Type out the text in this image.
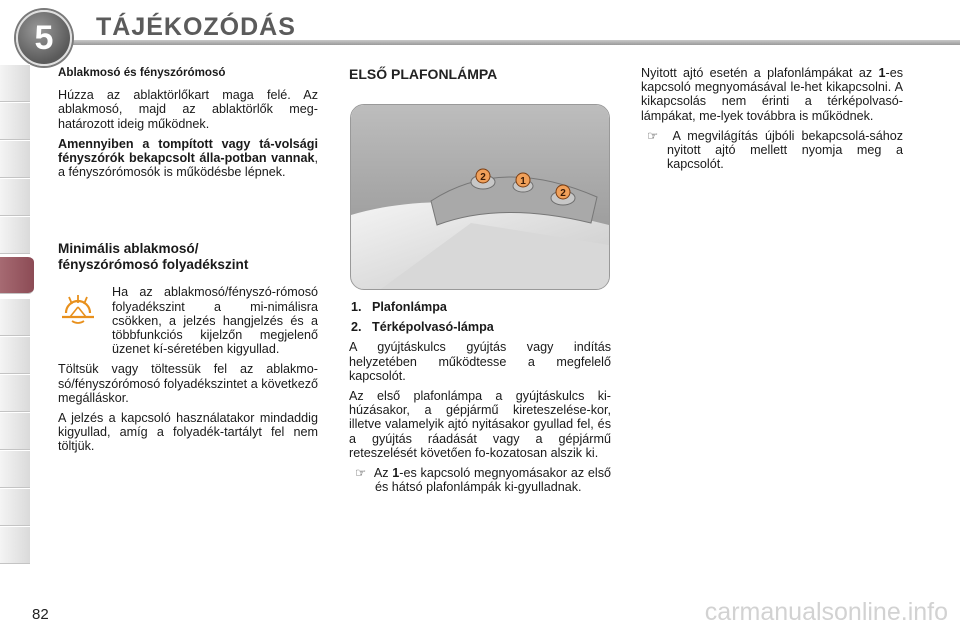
5	TÁJÉKOZÓDÁS
Ablakmosó és fényszórómosó

Húzza az ablaktörlőkart maga felé. Az ablakmosó, majd az ablaktörlők meg-határozott ideig működnek.

Amennyiben a tompított vagy tá-volsági fényszórók bekapcsolt álla-potban vannak, a fényszórómosók is működésbe lépnek.

Minimális ablakmosó/
fényszórómosó folyadékszint

Ha az ablakmosó/fényszó-rómosó folyadékszint a mi-nimálisra csökken, a jelzés hangjelzés és a többfunkciós kijelzőn megjelenő üzenet kí-séretében kigyullad.

Töltsük vagy töltessük fel az ablakmo-só/fényszórómosó folyadékszintet a következő megálláskor.

A jelzés a kapcsoló használatakor mindaddig kigyullad, amíg a folyadék-tartályt fel nem töltjük.

ELSŐ PLAFONLÁMPA
2	1
2

1. Plafonlámpa

2. Térképolvasó-lámpa

A gyújtáskulcs gyújtás vagy indítás helyzetében működtesse a megfelelő kapcsolót.

Az első plafonlámpa a gyújtáskulcs ki-húzásakor, a gépjármű kireteszelése-kor, illetve valamelyik ajtó nyitásakor gyullad fel, és a gyújtás ráadását vagy a gépjármű reteszelését követően fo-kozatosan alszik ki.

☞ Az 1-es kapcsoló megnyomásakor az első és hátsó plafonlámpák ki-gyulladnak.

Nyitott ajtó esetén a plafonlámpákat az 1-es kapcsoló megnyomásával le-het kikapcsolni. A kikapcsolás nem érinti a térképolvasó-lámpákat, me-lyek továbbra is működnek.

☞ A megvilágítás újbóli bekapcsolá-sához nyitott ajtó mellett nyomja meg a kapcsolót.

82	carmanualsonline.info
